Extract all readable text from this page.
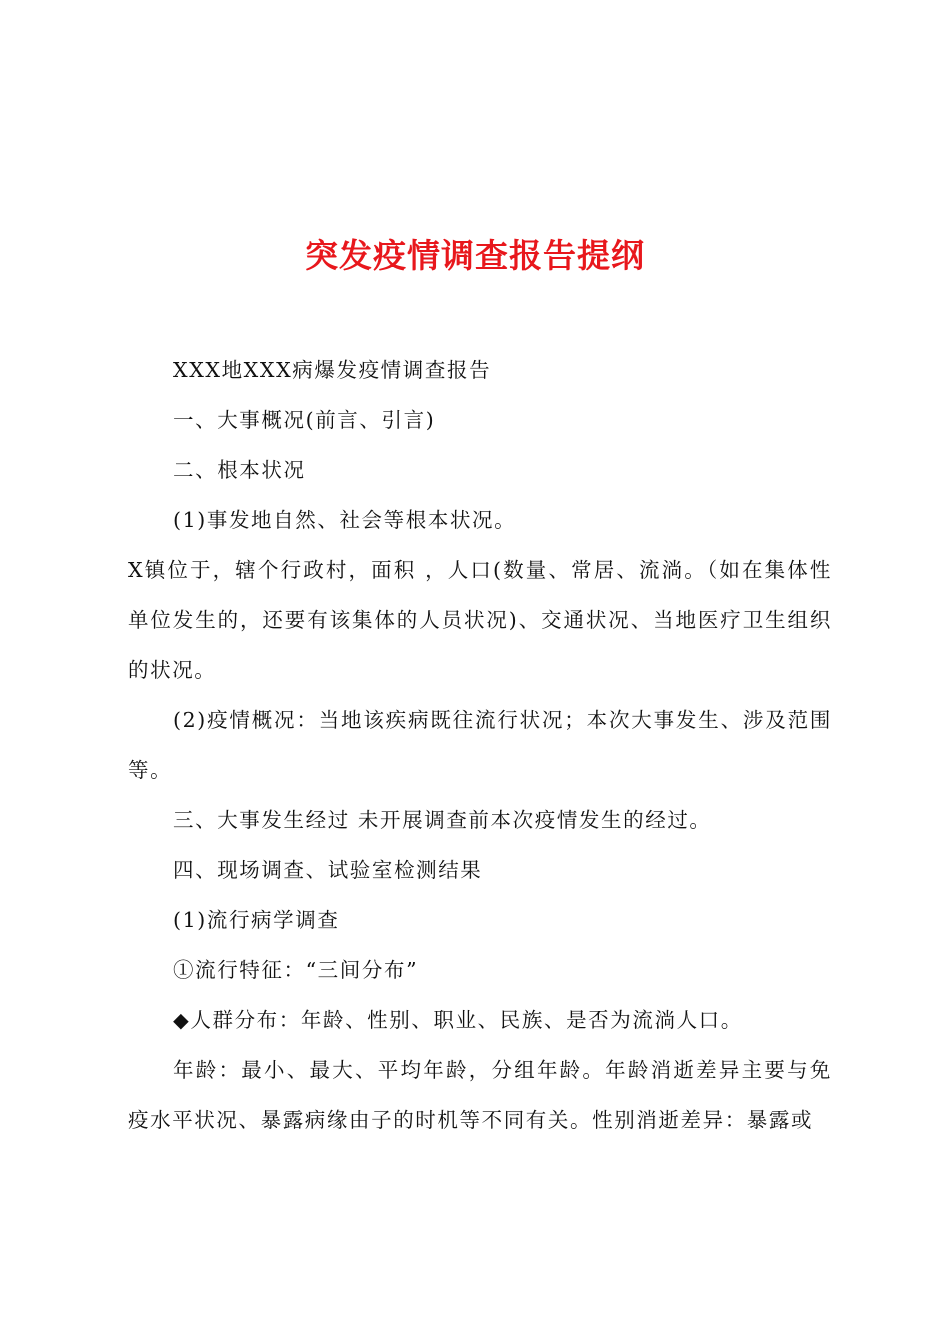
突发疫情调查报告提纲

XXX地XXX病爆发疫情调查报告

一、大事概况(前言、引言)

二、根本状况

(1)事发地自然、社会等根本状况。

X镇位于，辖个行政村，面积 ，人口(数量、常居、流淌。（如在集体性单位发生的，还要有该集体的人员状况)、交通状况、当地医疗卫生组织的状况。

(2)疫情概况：当地该疾病既往流行状况；本次大事发生、涉及范围等。

三、大事发生经过 未开展调查前本次疫情发生的经过。

四、现场调查、试验室检测结果

(1)流行病学调查

①流行特征：“三间分布”

◆人群分布：年龄、性别、职业、民族、是否为流淌人口。

年龄：最小、最大、平均年龄，分组年龄。年龄消逝差异主要与免疫水平状况、暴露病缘由子的时机等不同有关。性别消逝差异：暴露或
